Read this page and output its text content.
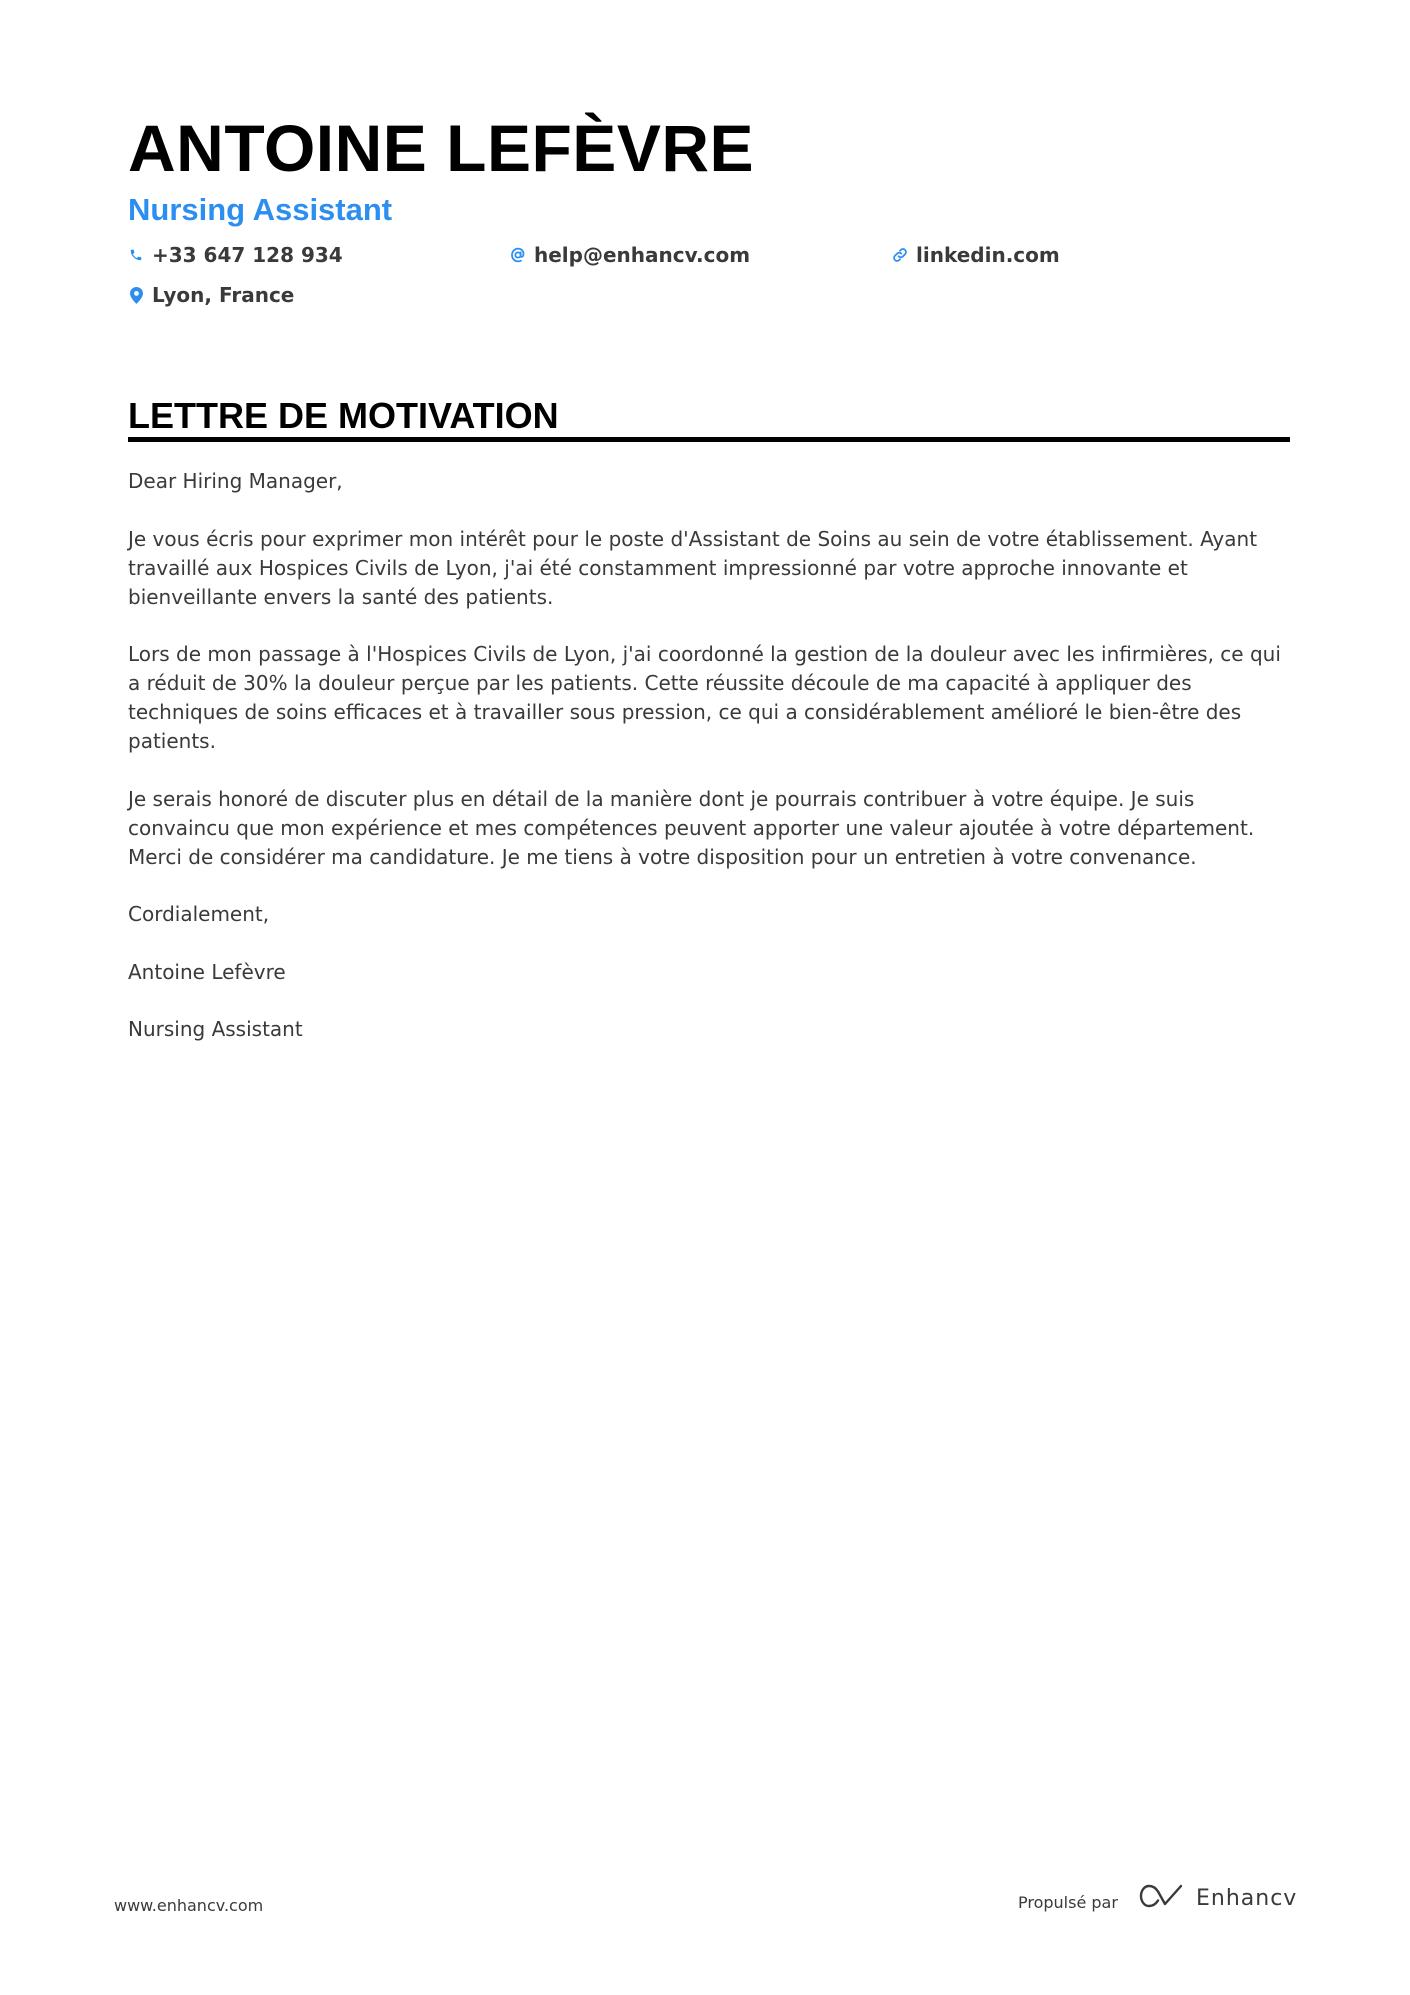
ANTOINE LEFÈVRE
Nursing Assistant
+33 647 128 934	help@enhancv.com	linkedin.com
Lyon, France
LETTRE DE MOTIVATION

Dear Hiring Manager,

Je vous écris pour exprimer mon intérêt pour le poste d'Assistant de Soins au sein de votre établissement. Ayant travaillé aux Hospices Civils de Lyon, j'ai été constamment impressionné par votre approche innovante et bienveillante envers la santé des patients.

Lors de mon passage à l'Hospices Civils de Lyon, j'ai coordonné la gestion de la douleur avec les infirmières, ce qui a réduit de 30% la douleur perçue par les patients. Cette réussite découle de ma capacité à appliquer des techniques de soins efficaces et à travailler sous pression, ce qui a considérablement amélioré le bien-être des patients.

Je serais honoré de discuter plus en détail de la manière dont je pourrais contribuer à votre équipe. Je suis convaincu que mon expérience et mes compétences peuvent apporter une valeur ajoutée à votre département. Merci de considérer ma candidature. Je me tiens à votre disposition pour un entretien à votre convenance.

Cordialement,

Antoine Lefèvre

Nursing Assistant

www.enhancv.com	Propulsé par	Enhancv
